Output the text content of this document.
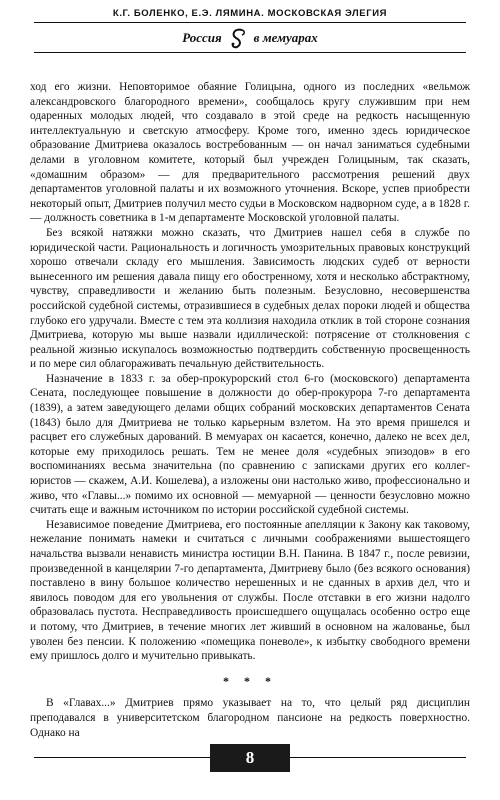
К.Г. БОЛЕНКО, Е.Э. ЛЯМИНА. МОСКОВСКАЯ ЭЛЕГИЯ
Россия в мемуарах

ход его жизни. Неповторимое обаяние Голицына, одного из последних «вельмож александровского благородного времени», сообщалось кругу служившим при нем одаренных молодых людей, что создавало в этой среде на редкость насыщенную интеллектуальную и светскую атмосферу. Кроме того, именно здесь юридическое образование Дмитриева оказалось востребованным — он начал заниматься судебными делами в уголовном комитете, который был учрежден Голицыным, так сказать, «домашним образом» — для предварительного рассмотрения решений двух департаментов уголовной палаты и их возможного уточнения. Вскоре, успев приобрести некоторый опыт, Дмитриев получил место судьи в Московском надворном суде, а в 1828 г. — должность советника в 1-м департаменте Московской уголовной палаты.

Без всякой натяжки можно сказать, что Дмитриев нашел себя в службе по юридической части. Рациональность и логичность умозрительных правовых конструкций хорошо отвечали складу его мышления. Зависимость людских судеб от верности вынесенного им решения давала пищу его обостренному, хотя и несколько абстрактному, чувству, справедливости и желанию быть полезным. Безусловно, несовершенства российской судебной системы, отразившиеся в судебных делах пороки людей и общества глубоко его удручали. Вместе с тем эта коллизия находила отклик в той стороне сознания Дмитриева, которую мы выше назвали идиллической: потрясение от столкновения с реальной жизнью искупалось возможностью подтвердить собственную просвещенность и по мере сил облагораживать печальную действительность.

Назначение в 1833 г. за обер-прокурорский стол 6-го (московского) департамента Сената, последующее повышение в должности до обер-прокурора 7-го департамента (1839), а затем заведующего делами общих собраний московских департаментов Сената (1843) было для Дмитриева не только карьерным взлетом. На это время пришелся и расцвет его служебных дарований. В мемуарах он касается, конечно, далеко не всех дел, которые ему приходилось решать. Тем не менее доля «судебных эпизодов» в его воспоминаниях весьма значительна (по сравнению с записками других его коллег-юристов — скажем, А.И. Кошелева), а изложены они настолько живо, профессионально и живо, что «Главы...» помимо их основной — мемуарной — ценности безусловно можно считать еще и важным источником по истории российской судебной системы.

Независимое поведение Дмитриева, его постоянные апелляции к Закону как таковому, нежелание понимать намеки и считаться с личными соображениями вышестоящего начальства вызвали ненависть министра юстиции В.Н. Панина. В 1847 г., после ревизии, произведенной в канцелярии 7-го департамента, Дмитриеву было (без всякого основания) поставлено в вину большое количество нерешенных и не сданных в архив дел, что и явилось поводом для его увольнения от службы. После отставки в его жизни надолго образовалась пустота. Несправедливость происшедшего ощущалась особенно остро еще и потому, что Дмитриев, в течение многих лет живший в основном на жалованье, был уволен без пенсии. К положению «помещика поневоле», к избытку свободного времени ему пришлось долго и мучительно привыкать.

* * *

В «Главах...» Дмитриев прямо указывает на то, что целый ряд дисциплин преподавался в университетском благородном пансионе на редкость поверхностно. Однако на

8
